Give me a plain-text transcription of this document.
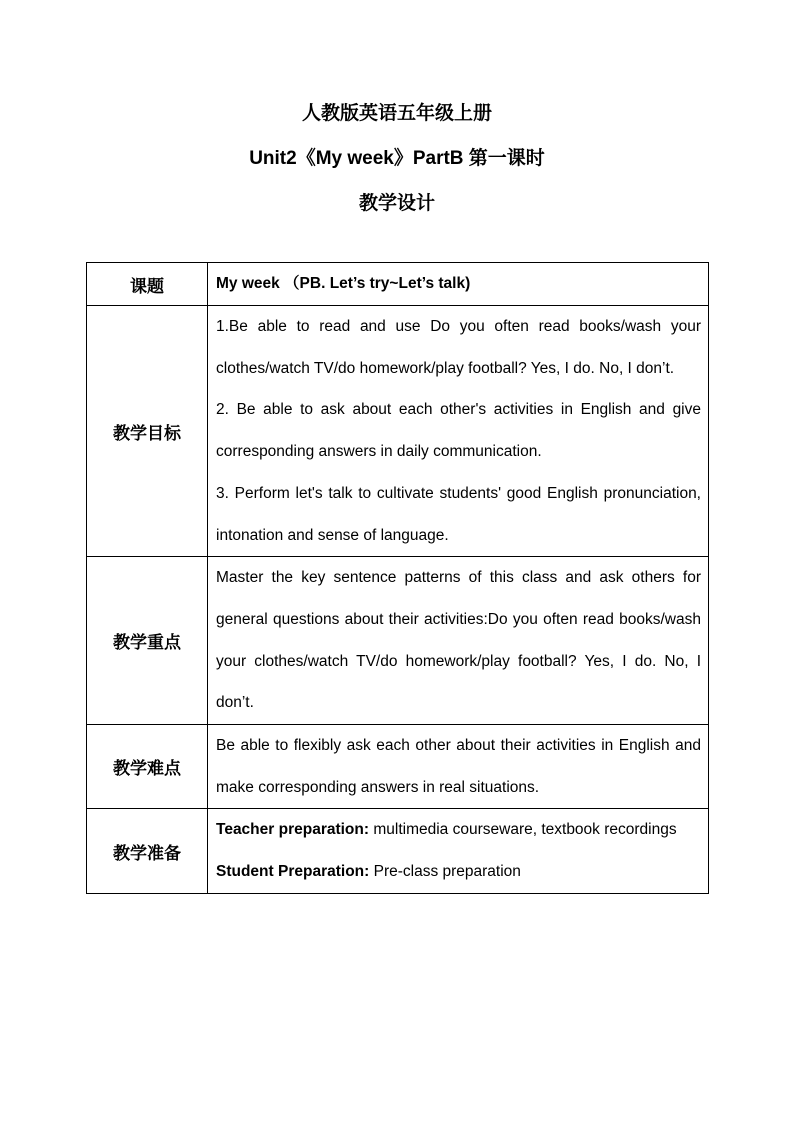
人教版英语五年级上册
Unit2《My week》PartB 第一课时
教学设计
课题	My week （PB. Let’s try~Let’s talk)
教学目标	1.Be able to read and use Do you often read books/wash your clothes/watch TV/do homework/play football? Yes, I do. No, I don’t.
2. Be able to ask about each other's activities in English and give corresponding answers in daily communication.
3. Perform let's talk to cultivate students' good English pronunciation, intonation and sense of language.

教学重点	Master the key sentence patterns of this class and ask others for general questions about their activities:Do you often read books/wash your clothes/watch TV/do homework/play football? Yes, I do. No, I don’t.
教学难点	Be able to flexibly ask each other about their activities in English and make corresponding answers in real situations.
教学准备	Teacher preparation: multimedia courseware, textbook recordings
Student Preparation: Pre-class preparation
